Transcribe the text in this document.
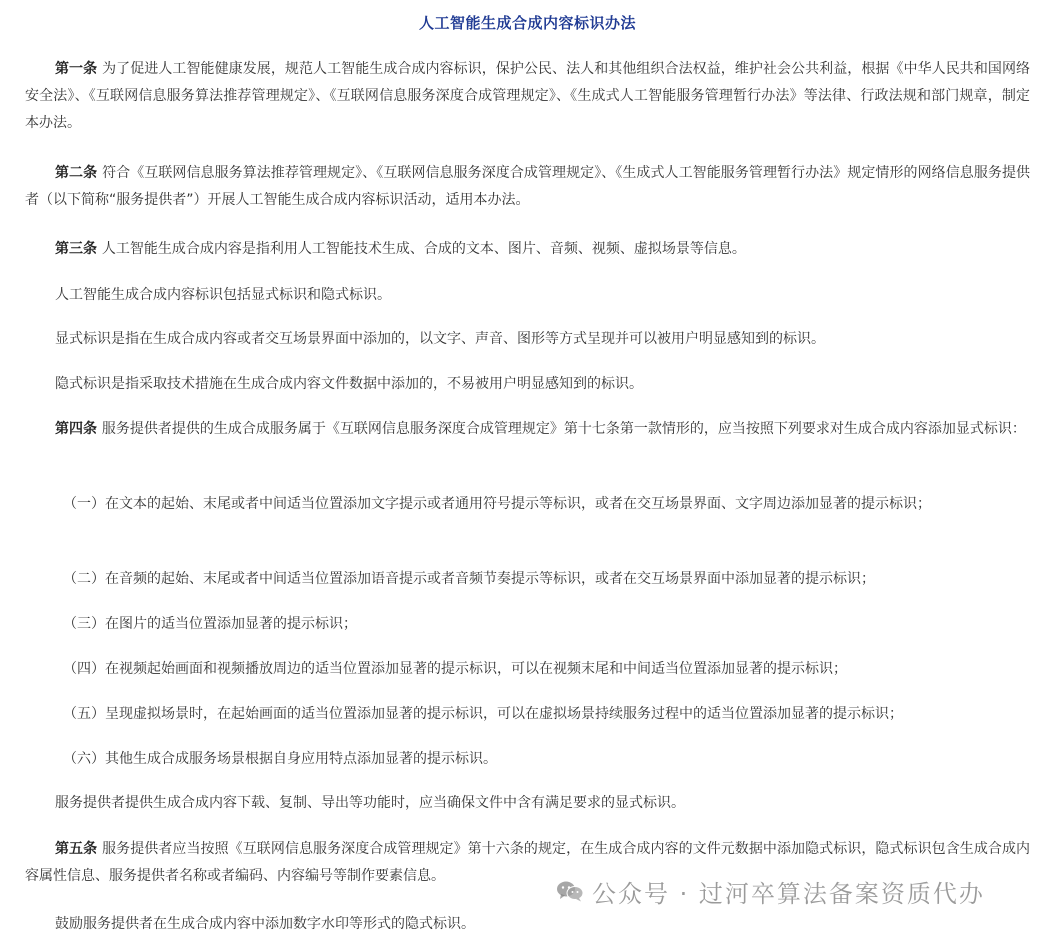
人工智能生成合成内容标识办法
第一条 为了促进人工智能健康发展，规范人工智能生成合成内容标识，保护公民、法人和其他组织合法权益，维护社会公共利益，根据《中华人民共和国网络安全法》、《互联网信息服务算法推荐管理规定》、《互联网信息服务深度合成管理规定》、《生成式人工智能服务管理暂行办法》等法律、行政法规和部门规章，制定本办法。
第二条 符合《互联网信息服务算法推荐管理规定》、《互联网信息服务深度合成管理规定》、《生成式人工智能服务管理暂行办法》规定情形的网络信息服务提供者（以下简称“服务提供者”）开展人工智能生成合成内容标识活动，适用本办法。
第三条 人工智能生成合成内容是指利用人工智能技术生成、合成的文本、图片、音频、视频、虚拟场景等信息。
人工智能生成合成内容标识包括显式标识和隐式标识。
显式标识是指在生成合成内容或者交互场景界面中添加的，以文字、声音、图形等方式呈现并可以被用户明显感知到的标识。
隐式标识是指采取技术措施在生成合成内容文件数据中添加的，不易被用户明显感知到的标识。
第四条 服务提供者提供的生成合成服务属于《互联网信息服务深度合成管理规定》第十七条第一款情形的，应当按照下列要求对生成合成内容添加显式标识：
（一）在文本的起始、末尾或者中间适当位置添加文字提示或者通用符号提示等标识，或者在交互场景界面、文字周边添加显著的提示标识；
（二）在音频的起始、末尾或者中间适当位置添加语音提示或者音频节奏提示等标识，或者在交互场景界面中添加显著的提示标识；
（三）在图片的适当位置添加显著的提示标识；
（四）在视频起始画面和视频播放周边的适当位置添加显著的提示标识，可以在视频末尾和中间适当位置添加显著的提示标识；
（五）呈现虚拟场景时，在起始画面的适当位置添加显著的提示标识，可以在虚拟场景持续服务过程中的适当位置添加显著的提示标识；
（六）其他生成合成服务场景根据自身应用特点添加显著的提示标识。
服务提供者提供生成合成内容下载、复制、导出等功能时，应当确保文件中含有满足要求的显式标识。
第五条 服务提供者应当按照《互联网信息服务深度合成管理规定》第十六条的规定，在生成合成内容的文件元数据中添加隐式标识，隐式标识包含生成合成内容属性信息、服务提供者名称或者编码、内容编号等制作要素信息。
鼓励服务提供者在生成合成内容中添加数字水印等形式的隐式标识。
公众号 · 过河卒算法备案资质代办
